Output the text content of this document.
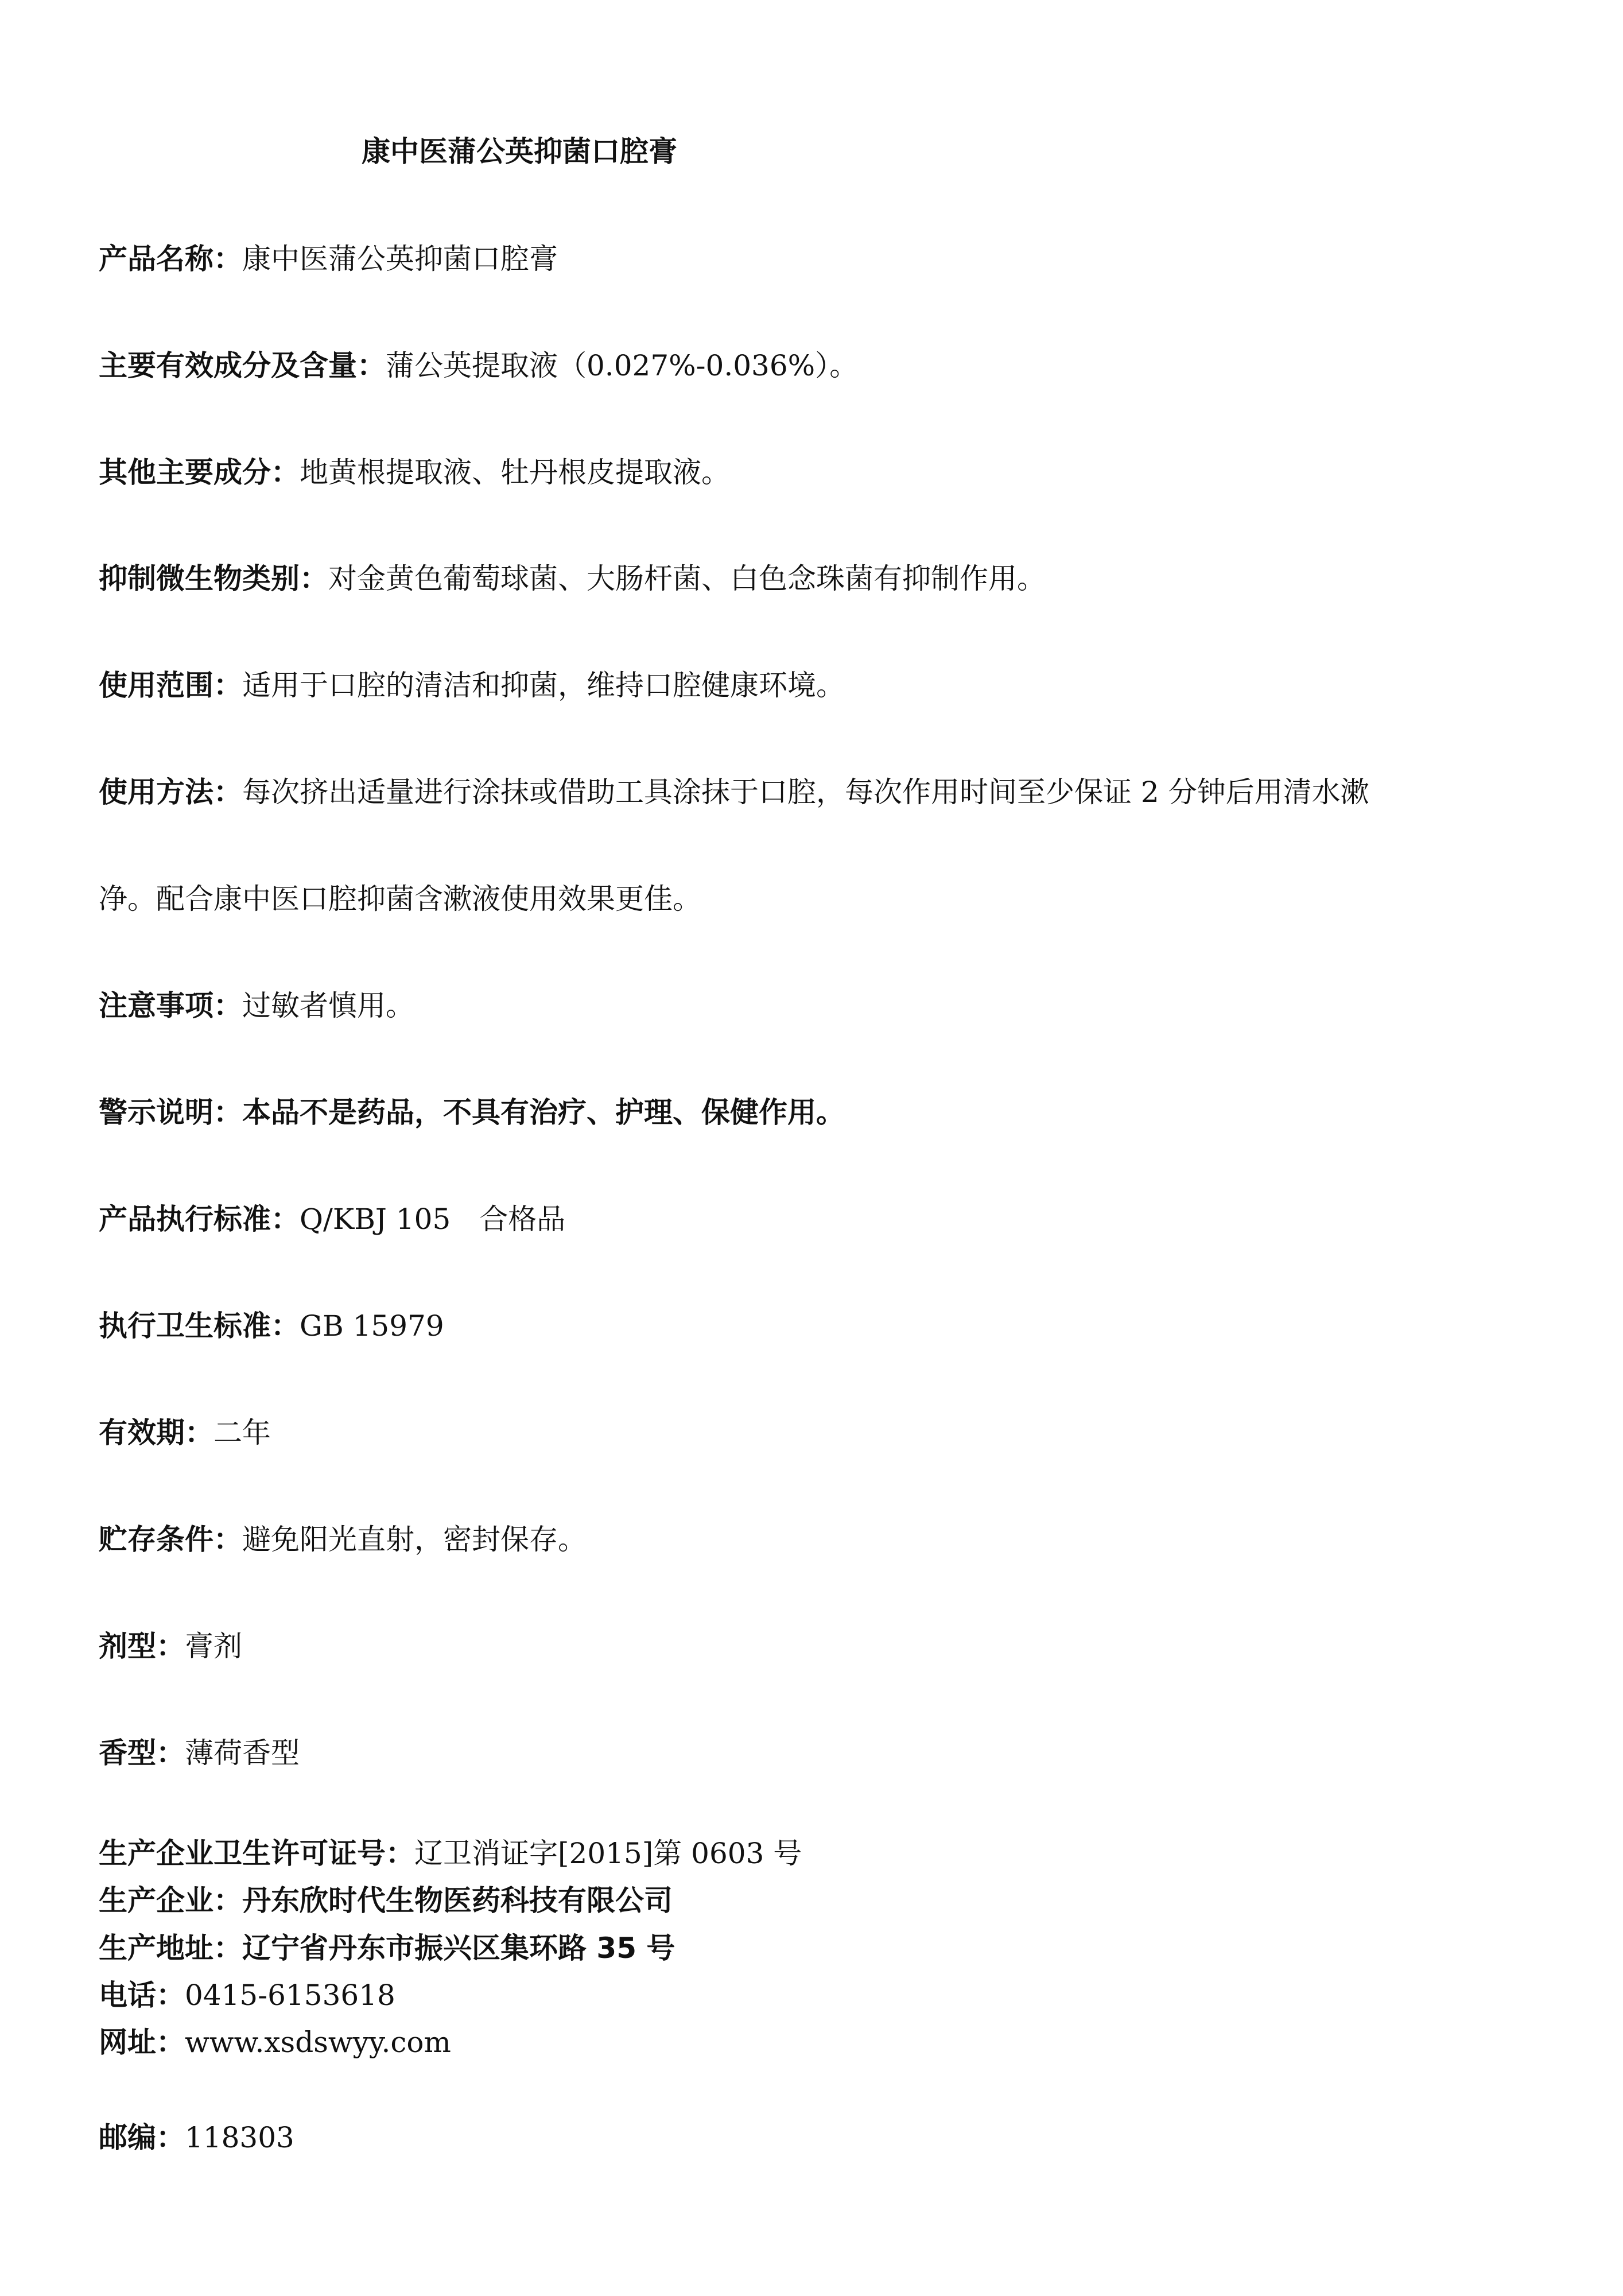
康中医蒲公英抑菌口腔膏
产品名称：康中医蒲公英抑菌口腔膏
主要有效成分及含量：蒲公英提取液（0.027%-0.036%）。
其他主要成分：地黄根提取液、牡丹根皮提取液。
抑制微生物类别：对金黄色葡萄球菌、大肠杆菌、白色念珠菌有抑制作用。
使用范围：适用于口腔的清洁和抑菌，维持口腔健康环境。
使用方法：每次挤出适量进行涂抹或借助工具涂抹于口腔，每次作用时间至少保证 2 分钟后用清水漱
净。配合康中医口腔抑菌含漱液使用效果更佳。
注意事项：过敏者慎用。
警示说明：本品不是药品，不具有治疗、护理、保健作用。
产品执行标准：Q/KBJ 105　合格品
执行卫生标准：GB 15979
有效期：二年
贮存条件：避免阳光直射，密封保存。
剂型：膏剂
香型：薄荷香型
生产企业卫生许可证号：辽卫消证字[2015]第 0603 号
生产企业：丹东欣时代生物医药科技有限公司
生产地址：辽宁省丹东市振兴区集环路 35 号
电话：0415-6153618
网址：www.xsdswyy.com
邮编：118303
